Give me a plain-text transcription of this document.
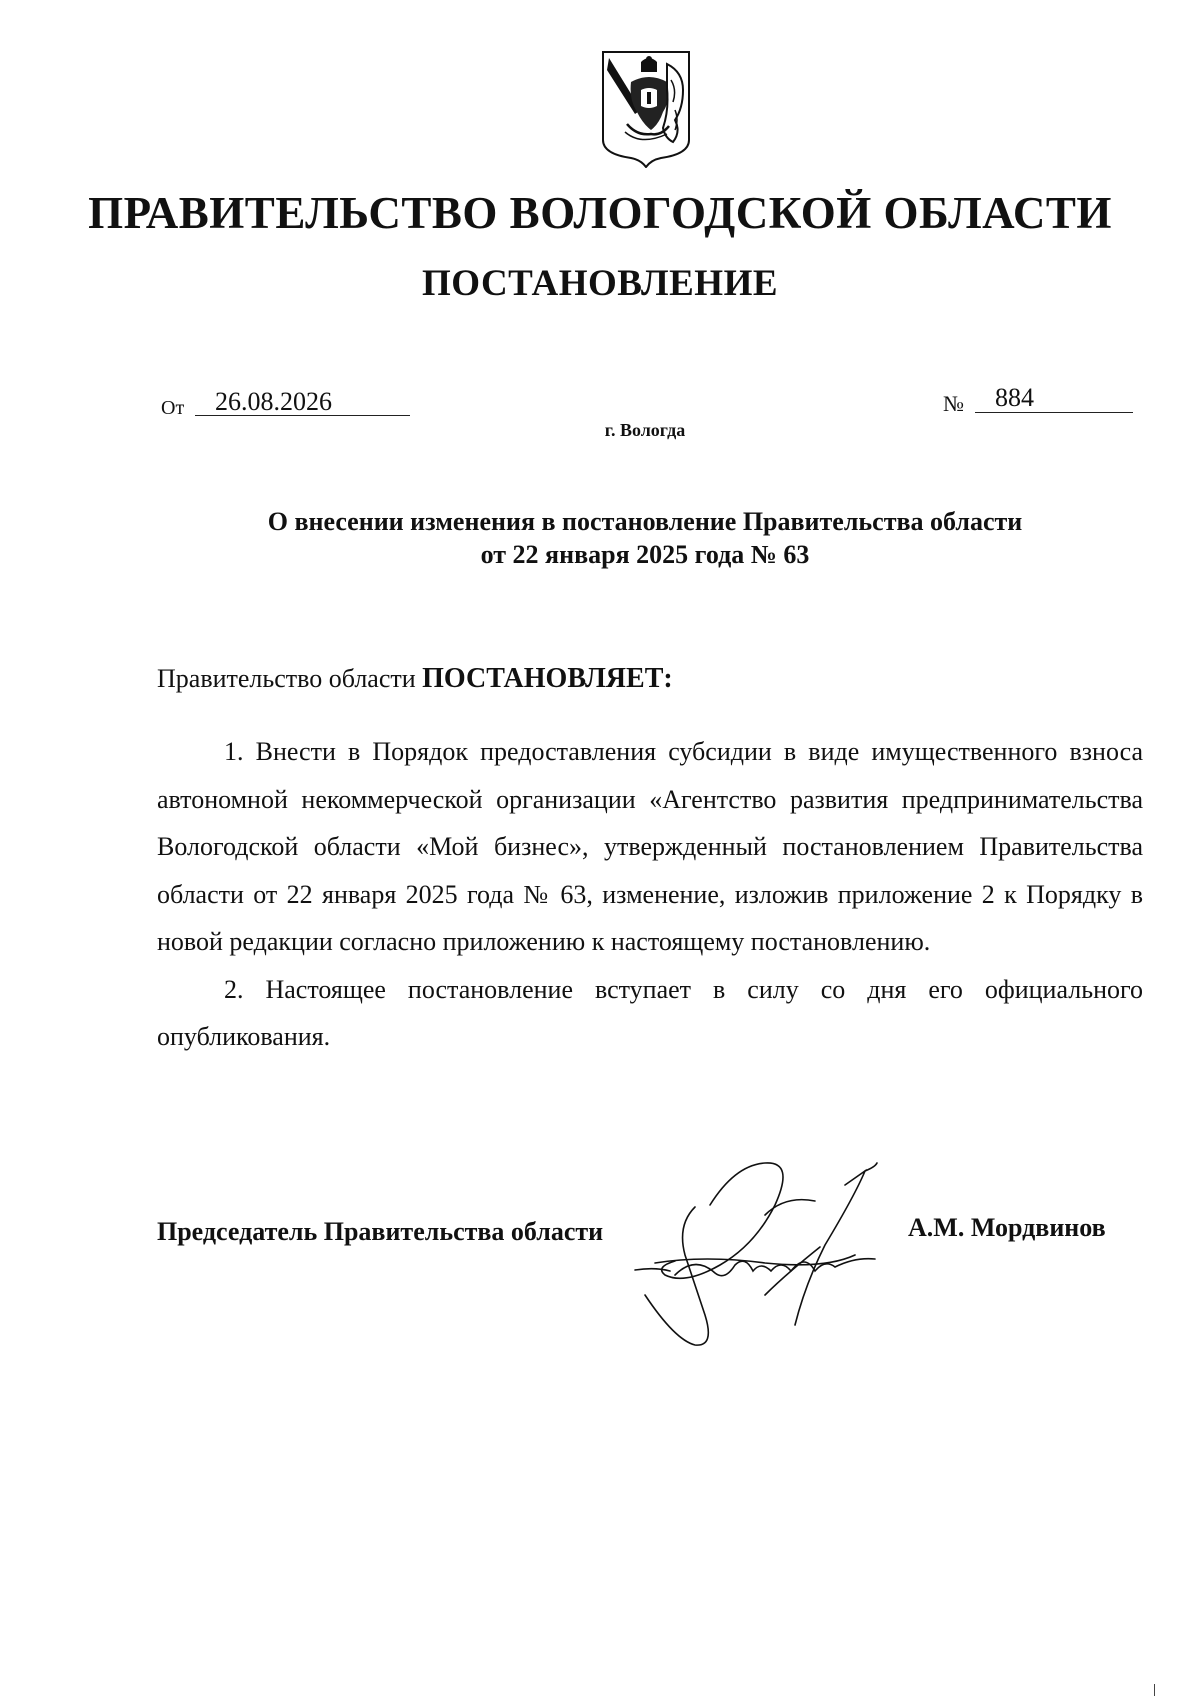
ПРАВИТЕЛЬСТВО ВОЛОГОДСКОЙ ОБЛАСТИ
ПОСТАНОВЛЕНИЕ
От	26.08.2026	№	884
г. Вологда
О внесении изменения в постановление Правительства области
от 22 января 2025 года № 63
Правительство области ПОСТАНОВЛЯЕТ:

1. Внести в Порядок предоставления субсидии в виде имущественного взноса автономной некоммерческой организации «Агентство развития предпринимательства Вологодской области «Мой бизнес», утвержденный постановлением Правительства области от 22 января 2025 года № 63, изменение, изложив приложение 2 к Порядку в новой редакции согласно приложению к настоящему постановлению.

2. Настоящее постановление вступает в силу со дня его официального опубликования.

Председатель Правительства области	А.М. Мордвинов
